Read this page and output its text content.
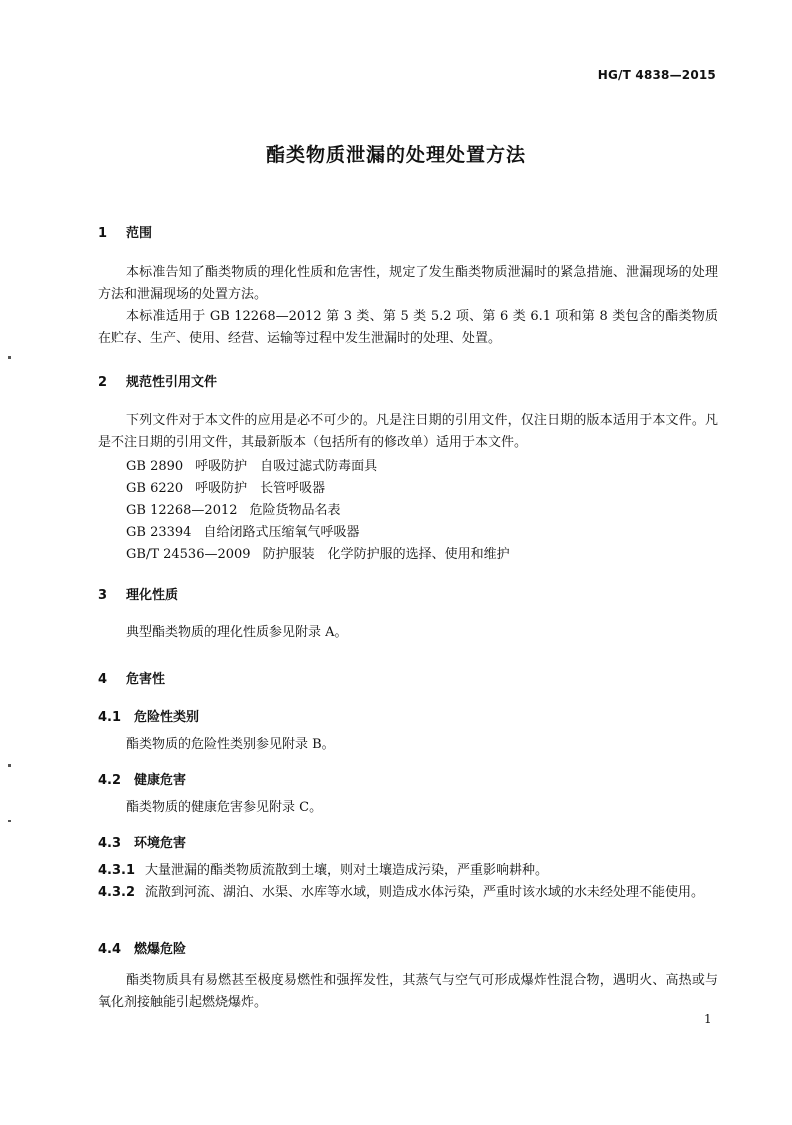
HG/T 4838—2015
酯类物质泄漏的处理处置方法
1 范围
本标准告知了酯类物质的理化性质和危害性，规定了发生酯类物质泄漏时的紧急措施、泄漏现场的处理方法和泄漏现场的处置方法。
本标准适用于 GB 12268—2012 第 3 类、第 5 类 5.2 项、第 6 类 6.1 项和第 8 类包含的酯类物质在贮存、生产、使用、经营、运输等过程中发生泄漏时的处理、处置。
2 规范性引用文件
下列文件对于本文件的应用是必不可少的。凡是注日期的引用文件，仅注日期的版本适用于本文件。凡是不注日期的引用文件，其最新版本（包括所有的修改单）适用于本文件。
GB 2890 呼吸防护　自吸过滤式防毒面具
GB 6220 呼吸防护　长管呼吸器
GB 12268—2012 危险货物品名表
GB 23394 自给闭路式压缩氧气呼吸器
GB/T 24536—2009 防护服装　化学防护服的选择、使用和维护
3 理化性质
典型酯类物质的理化性质参见附录 A。
4 危害性
4.1 危险性类别
酯类物质的危险性类别参见附录 B。
4.2 健康危害
酯类物质的健康危害参见附录 C。
4.3 环境危害
4.3.1 大量泄漏的酯类物质流散到土壤，则对土壤造成污染，严重影响耕种。
4.3.2 流散到河流、湖泊、水渠、水库等水域，则造成水体污染，严重时该水域的水未经处理不能使用。
4.4 燃爆危险
酯类物质具有易燃甚至极度易燃性和强挥发性，其蒸气与空气可形成爆炸性混合物，遇明火、高热或与氧化剂接触能引起燃烧爆炸。
1
